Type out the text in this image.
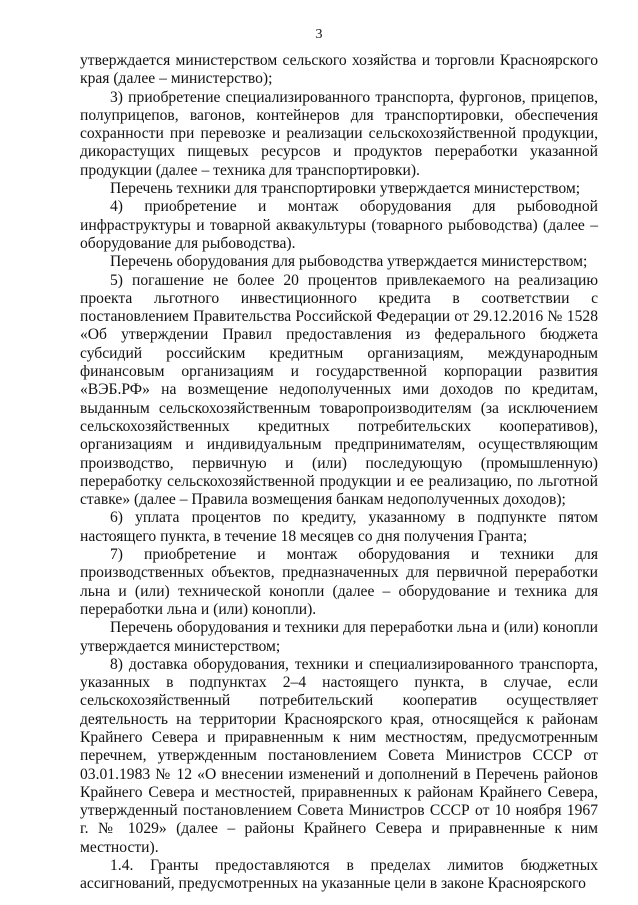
3

утверждается министерством сельского хозяйства и торговли Красноярского края (далее – министерство);

3) приобретение специализированного транспорта, фургонов, прицепов, полуприцепов, вагонов, контейнеров для транспортировки, обеспечения сохранности при перевозке и реализации сельскохозяйственной продукции, дикорастущих пищевых ресурсов и продуктов переработки указанной продукции (далее – техника для транспортировки).

Перечень техники для транспортировки утверждается министерством;

4) приобретение и монтаж оборудования для рыбоводной инфраструктуры и товарной аквакультуры (товарного рыбоводства) (далее – оборудование для рыбоводства).

Перечень оборудования для рыбоводства утверждается министерством;

5) погашение не более 20 процентов привлекаемого на реализацию проекта льготного инвестиционного кредита в соответствии с постановлением Правительства Российской Федерации от 29.12.2016 № 1528 «Об утверждении Правил предоставления из федерального бюджета субсидий российским кредитным организациям, международным финансовым организациям и государственной корпорации развития «ВЭБ.РФ» на возмещение недополученных ими доходов по кредитам, выданным сельскохозяйственным товаропроизводителям (за исключением сельскохозяйственных кредитных потребительских кооперативов), организациям и индивидуальным предпринимателям, осуществляющим производство, первичную и (или) последующую (промышленную) переработку сельскохозяйственной продукции и ее реализацию, по льготной ставке» (далее – Правила возмещения банкам недополученных доходов);

6) уплата процентов по кредиту, указанному в подпункте пятом настоящего пункта, в течение 18 месяцев со дня получения Гранта;

7) приобретение и монтаж оборудования и техники для производственных объектов, предназначенных для первичной переработки льна и (или) технической конопли (далее – оборудование и техника для переработки льна и (или) конопли).

Перечень оборудования и техники для переработки льна и (или) конопли утверждается министерством;

8) доставка оборудования, техники и специализированного транспорта, указанных в подпунктах 2–4 настоящего пункта, в случае, если сельскохозяйственный потребительский кооператив осуществляет деятельность на территории Красноярского края, относящейся к районам Крайнего Севера и приравненным к ним местностям, предусмотренным перечнем, утвержденным постановлением Совета Министров СССР от 03.01.1983 № 12 «О внесении изменений и дополнений в Перечень районов Крайнего Севера и местностей, приравненных к районам Крайнего Севера, утвержденный постановлением Совета Министров СССР от 10 ноября 1967 г. № 1029» (далее – районы Крайнего Севера и приравненные к ним местности).

1.4. Гранты предоставляются в пределах лимитов бюджетных ассигнований, предусмотренных на указанные цели в законе Красноярского
